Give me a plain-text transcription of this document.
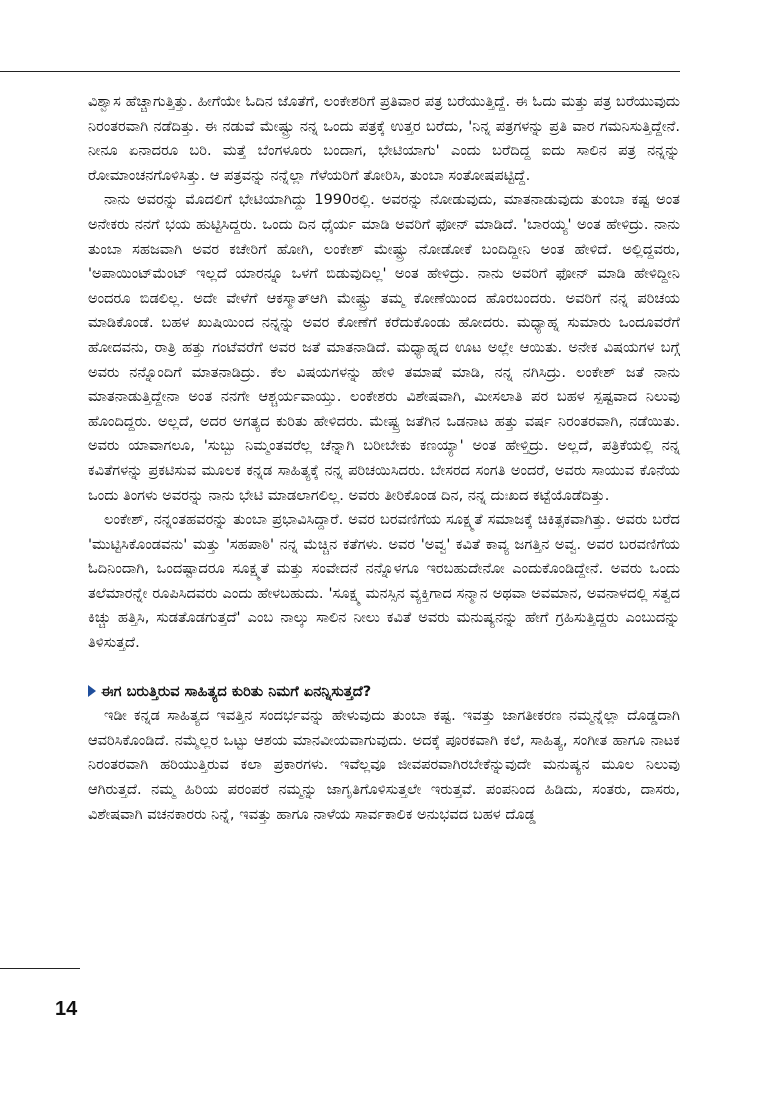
ವಿಶ್ವಾಸ ಹೆಚ್ಚಾಗುತ್ತಿತ್ತು. ಹೀಗೆಯೇ ಓದಿನ ಜೊತೆಗೆ, ಲಂಕೇಶರಿಗೆ ಪ್ರತಿವಾರ ಪತ್ರ ಬರೆಯುತ್ತಿದ್ದೆ. ಈ ಓದು ಮತ್ತು ಪತ್ರ ಬರೆಯುವುದು ನಿರಂತರವಾಗಿ ನಡೆದಿತ್ತು. ಈ ನಡುವೆ ಮೇಷ್ಟ್ರು ನನ್ನ ಒಂದು ಪತ್ರಕ್ಕೆ ಉತ್ತರ ಬರೆದು, 'ನಿನ್ನ ಪತ್ರಗಳನ್ನು ಪ್ರತಿ ವಾರ ಗಮನಿಸುತ್ತಿದ್ದೇನೆ. ನೀನೂ ಏನಾದರೂ ಬರಿ. ಮತ್ತೆ ಬೆಂಗಳೂರು ಬಂದಾಗ, ಭೇಟಿಯಾಗು' ಎಂದು ಬರೆದಿದ್ದ ಐದು ಸಾಲಿನ ಪತ್ರ ನನ್ನನ್ನು ರೋಮಾಂಚನಗೊಳಿಸಿತ್ತು. ಆ ಪತ್ರವನ್ನು ನನ್ನೆಲ್ಲಾ ಗೆಳೆಯರಿಗೆ ತೋರಿಸಿ, ತುಂಬಾ ಸಂತೋಷಪಟ್ಟಿದ್ದೆ.

ನಾನು ಅವರನ್ನು ಮೊದಲಿಗೆ ಭೇಟಿಯಾಗಿದ್ದು 1990ರಲ್ಲಿ. ಅವರನ್ನು ನೋಡುವುದು, ಮಾತನಾಡುವುದು ತುಂಬಾ ಕಷ್ಟ ಅಂತ ಅನೇಕರು ನನಗೆ ಭಯ ಹುಟ್ಟಿಸಿದ್ದರು. ಒಂದು ದಿನ ಧೈರ್ಯ ಮಾಡಿ ಅವರಿಗೆ ಫೋನ್ ಮಾಡಿದೆ. 'ಬಾರಯ್ಯ' ಅಂತ ಹೇಳಿದ್ರು. ನಾನು ತುಂಬಾ ಸಹಜವಾಗಿ ಅವರ ಕಚೇರಿಗೆ ಹೋಗಿ, ಲಂಕೇಶ್ ಮೇಷ್ಟ್ರು ನೋಡೋಕೆ ಬಂದಿದ್ದೀನಿ ಅಂತ ಹೇಳಿದೆ. ಅಲ್ಲಿದ್ದವರು, 'ಅಪಾಯಿಂಟ್‌ಮೆಂಟ್ ಇಲ್ಲದೆ ಯಾರನ್ನೂ ಒಳಗೆ ಬಿಡುವುದಿಲ್ಲ' ಅಂತ ಹೇಳಿದ್ರು. ನಾನು ಅವರಿಗೆ ಫೋನ್ ಮಾಡಿ ಹೇಳಿದ್ದೀನಿ ಅಂದರೂ ಬಿಡಲಿಲ್ಲ. ಅದೇ ವೇಳೆಗೆ ಆಕಸ್ಮಾತ್‌ಆಗಿ ಮೇಷ್ಟ್ರು ತಮ್ಮ ಕೋಣೆಯಿಂದ ಹೊರಬಂದರು. ಅವರಿಗೆ ನನ್ನ ಪರಿಚಯ ಮಾಡಿಕೊಂಡೆ. ಬಹಳ ಖುಷಿಯಿಂದ ನನ್ನನ್ನು ಅವರ ಕೋಣೆಗೆ ಕರೆದುಕೊಂಡು ಹೋದರು. ಮಧ್ಯಾಹ್ನ ಸುಮಾರು ಒಂದೂವರೆಗೆ ಹೋದವನು, ರಾತ್ರಿ ಹತ್ತು ಗಂಟೆವರೆಗೆ ಅವರ ಜತೆ ಮಾತನಾಡಿದೆ. ಮಧ್ಯಾಹ್ನದ ಊಟ ಅಲ್ಲೇ ಆಯಿತು. ಅನೇಕ ವಿಷಯಗಳ ಬಗ್ಗೆ ಅವರು ನನ್ನೊಂದಿಗೆ ಮಾತನಾಡಿದ್ರು. ಕೆಲ ವಿಷಯಗಳನ್ನು ಹೇಳಿ ತಮಾಷೆ ಮಾಡಿ, ನನ್ನ ನಗಿಸಿದ್ರು. ಲಂಕೇಶ್ ಜತೆ ನಾನು ಮಾತನಾಡುತ್ತಿದ್ದೇನಾ ಅಂತ ನನಗೇ ಆಶ್ಚರ್ಯವಾಯ್ತು. ಲಂಕೇಶರು ವಿಶೇಷವಾಗಿ, ಮೀಸಲಾತಿ ಪರ ಬಹಳ ಸ್ಪಷ್ಟವಾದ ನಿಲುವು ಹೊಂದಿದ್ದರು. ಅಲ್ಲದೆ, ಅದರ ಅಗತ್ಯದ ಕುರಿತು ಹೇಳಿದರು. ಮೇಷ್ಟ್ರ ಜತೆಗಿನ ಒಡನಾಟ ಹತ್ತು ವರ್ಷ ನಿರಂತರವಾಗಿ, ನಡೆಯಿತು. ಅವರು ಯಾವಾಗಲೂ, 'ಸುಬ್ಬು ನಿಮ್ಮಂತವರೆಲ್ಲ ಚೆನ್ನಾಗಿ ಬರೀಬೇಕು ಕಣಯ್ಯಾ' ಅಂತ ಹೇಳ್ತಿದ್ರು. ಅಲ್ಲದೆ, ಪತ್ರಿಕೆಯಲ್ಲಿ ನನ್ನ ಕವಿತೆಗಳನ್ನು ಪ್ರಕಟಿಸುವ ಮೂಲಕ ಕನ್ನಡ ಸಾಹಿತ್ಯಕ್ಕೆ ನನ್ನ ಪರಿಚಯಿಸಿದರು. ಬೇಸರದ ಸಂಗತಿ ಅಂದರೆ, ಅವರು ಸಾಯುವ ಕೊನೆಯ ಒಂದು ತಿಂಗಳು ಅವರನ್ನು ನಾನು ಭೇಟಿ ಮಾಡಲಾಗಲಿಲ್ಲ. ಅವರು ತೀರಿಕೊಂಡ ದಿನ, ನನ್ನ ದುಃಖದ ಕಟ್ಟೆಯೊಡೆದಿತ್ತು.

ಲಂಕೇಶ್, ನನ್ನಂತಹವರನ್ನು ತುಂಬಾ ಪ್ರಭಾವಿಸಿದ್ದಾರೆ. ಅವರ ಬರವಣಿಗೆಯ ಸೂಕ್ಷ್ಮತೆ ಸಮಾಜಕ್ಕೆ ಚಿಕಿತ್ಸಕವಾಗಿತ್ತು. ಅವರು ಬರೆದ 'ಮುಟ್ಟಿಸಿಕೊಂಡವನು' ಮತ್ತು 'ಸಹಪಾಠಿ' ನನ್ನ ಮೆಚ್ಚಿನ ಕತೆಗಳು. ಅವರ 'ಅವ್ವ' ಕವಿತೆ ಕಾವ್ಯ ಜಗತ್ತಿನ ಅವ್ವ. ಅವರ ಬರವಣಿಗೆಯ ಓದಿನಿಂದಾಗಿ, ಒಂದಷ್ಟಾದರೂ ಸೂಕ್ಷ್ಮತೆ ಮತ್ತು ಸಂವೇದನೆ ನನ್ನೊಳಗೂ ಇರಬಹುದೇನೋ ಎಂದುಕೊಂಡಿದ್ದೇನೆ. ಅವರು ಒಂದು ತಲೆಮಾರನ್ನೇ ರೂಪಿಸಿದವರು ಎಂದು ಹೇಳಬಹುದು. 'ಸೂಕ್ಷ್ಮ ಮನಸ್ಸಿನ ವ್ಯಕ್ತಿಗಾದ ಸನ್ಮಾನ ಅಥವಾ ಅವಮಾನ, ಅವನಾಳದಲ್ಲಿ ಸತ್ವದ ಕಿಚ್ಚು ಹತ್ತಿಸಿ, ಸುಡತೊಡಗುತ್ತದೆ' ಎಂಬ ನಾಲ್ಕು ಸಾಲಿನ ನೀಲು ಕವಿತೆ ಅವರು ಮನುಷ್ಯನನ್ನು ಹೇಗೆ ಗ್ರಹಿಸುತ್ತಿದ್ದರು ಎಂಬುದನ್ನು ತಿಳಿಸುತ್ತದೆ.

ಈಗ ಬರುತ್ತಿರುವ ಸಾಹಿತ್ಯದ ಕುರಿತು ನಿಮಗೆ ಏನನ್ನಿಸುತ್ತದೆ?

ಇಡೀ ಕನ್ನಡ ಸಾಹಿತ್ಯದ ಇವತ್ತಿನ ಸಂದರ್ಭವನ್ನು ಹೇಳುವುದು ತುಂಬಾ ಕಷ್ಟ. ಇವತ್ತು ಜಾಗತೀಕರಣ ನಮ್ಮನ್ನೆಲ್ಲಾ ದೊಡ್ಡದಾಗಿ ಆವರಿಸಿಕೊಂಡಿದೆ. ನಮ್ಮೆಲ್ಲರ ಒಟ್ಟು ಆಶಯ ಮಾನವೀಯವಾಗುವುದು. ಅದಕ್ಕೆ ಪೂರಕವಾಗಿ ಕಲೆ, ಸಾಹಿತ್ಯ, ಸಂಗೀತ ಹಾಗೂ ನಾಟಕ ನಿರಂತರವಾಗಿ ಹರಿಯುತ್ತಿರುವ ಕಲಾ ಪ್ರಕಾರಗಳು. ಇವೆಲ್ಲವೂ ಜೀವಪರವಾಗಿರಬೇಕೆನ್ನುವುದೇ ಮನುಷ್ಯನ ಮೂಲ ನಿಲುವು ಆಗಿರುತ್ತದೆ. ನಮ್ಮ ಹಿರಿಯ ಪರಂಪರೆ ನಮ್ಮನ್ನು ಜಾಗೃತಿಗೊಳಿಸುತ್ತಲೇ ಇರುತ್ತವೆ. ಪಂಪನಿಂದ ಹಿಡಿದು, ಸಂತರು, ದಾಸರು, ವಿಶೇಷವಾಗಿ ವಚನಕಾರರು ನಿನ್ನೆ, ಇವತ್ತು ಹಾಗೂ ನಾಳೆಯ ಸಾರ್ವಕಾಲಿಕ ಅನುಭವದ ಬಹಳ ದೊಡ್ಡ

14
